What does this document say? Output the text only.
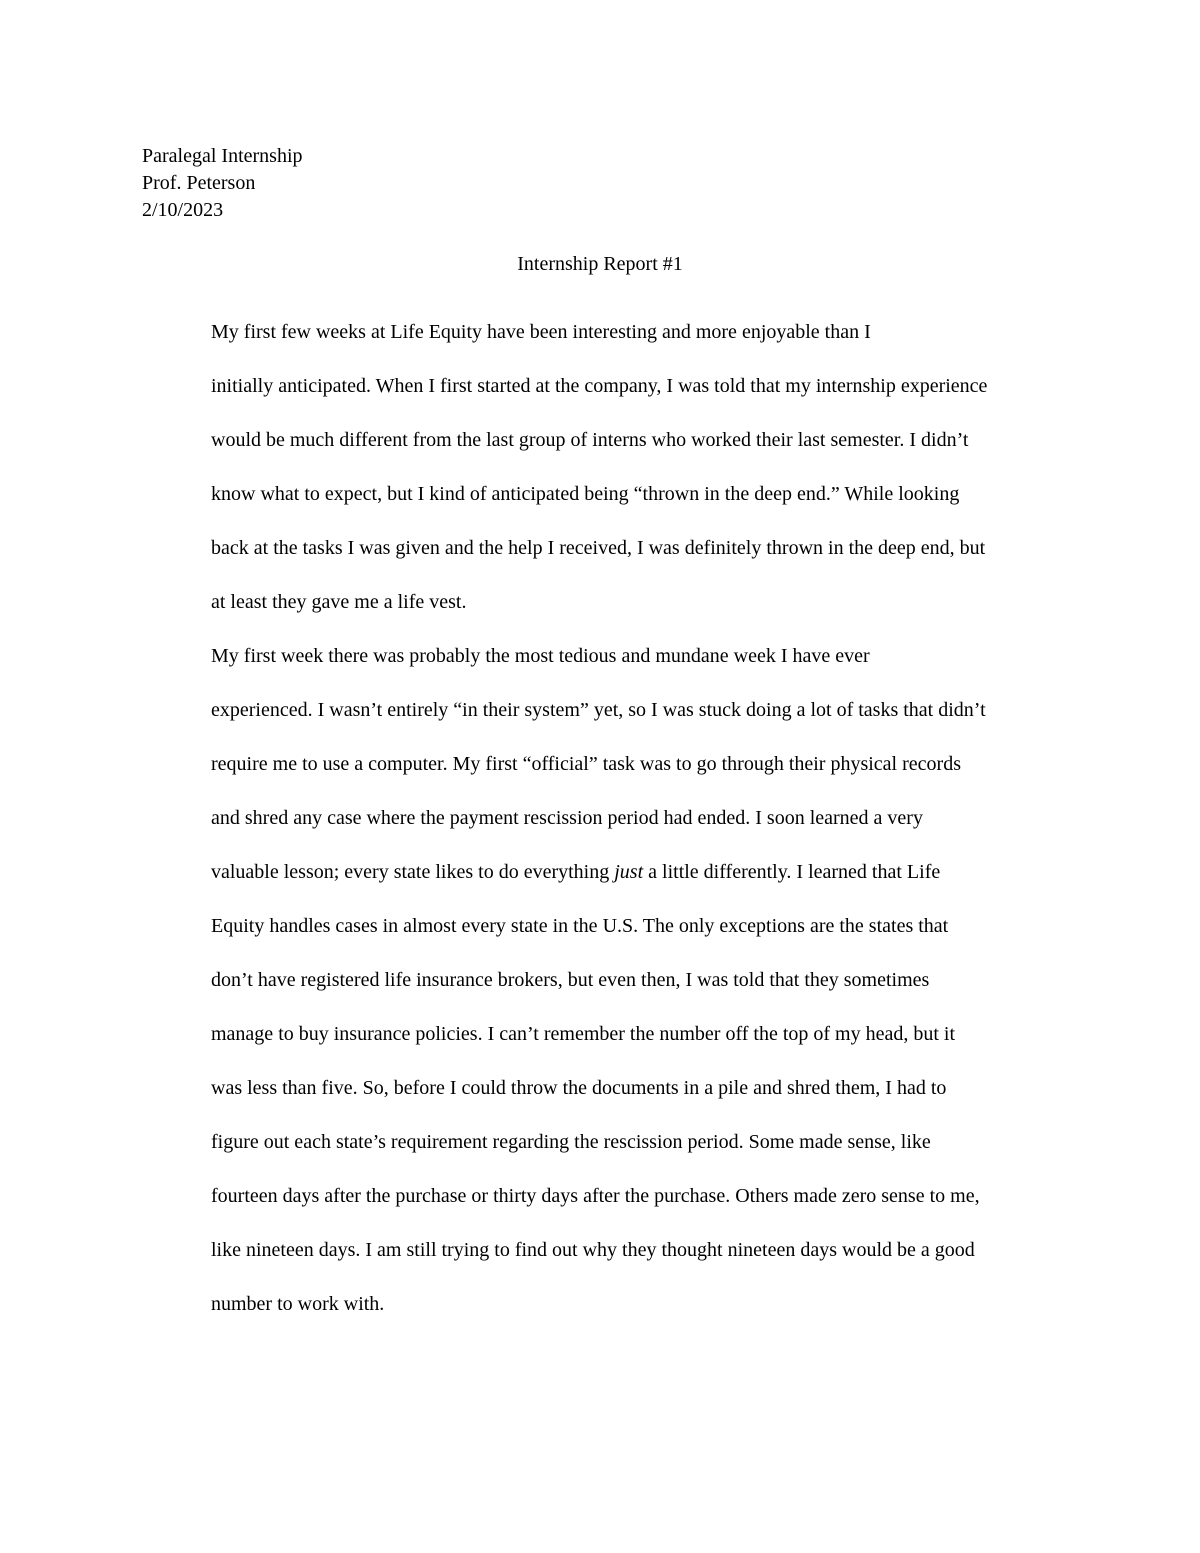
Paralegal Internship
Prof. Peterson
2/10/2023
Internship Report #1

My first few weeks at Life Equity have been interesting and more enjoyable than I
initially anticipated. When I first started at the company, I was told that my internship experience
would be much different from the last group of interns who worked their last semester. I didn’t
know what to expect, but I kind of anticipated being “thrown in the deep end.” While looking
back at the tasks I was given and the help I received, I was definitely thrown in the deep end, but
at least they gave me a life vest.

My first week there was probably the most tedious and mundane week I have ever
experienced. I wasn’t entirely “in their system” yet, so I was stuck doing a lot of tasks that didn’t
require me to use a computer. My first “official” task was to go through their physical records
and shred any case where the payment rescission period had ended. I soon learned a very
valuable lesson; every state likes to do everything just a little differently. I learned that Life
Equity handles cases in almost every state in the U.S. The only exceptions are the states that
don’t have registered life insurance brokers, but even then, I was told that they sometimes
manage to buy insurance policies. I can’t remember the number off the top of my head, but it
was less than five. So, before I could throw the documents in a pile and shred them, I had to
figure out each state’s requirement regarding the rescission period. Some made sense, like
fourteen days after the purchase or thirty days after the purchase. Others made zero sense to me,
like nineteen days. I am still trying to find out why they thought nineteen days would be a good
number to work with.
